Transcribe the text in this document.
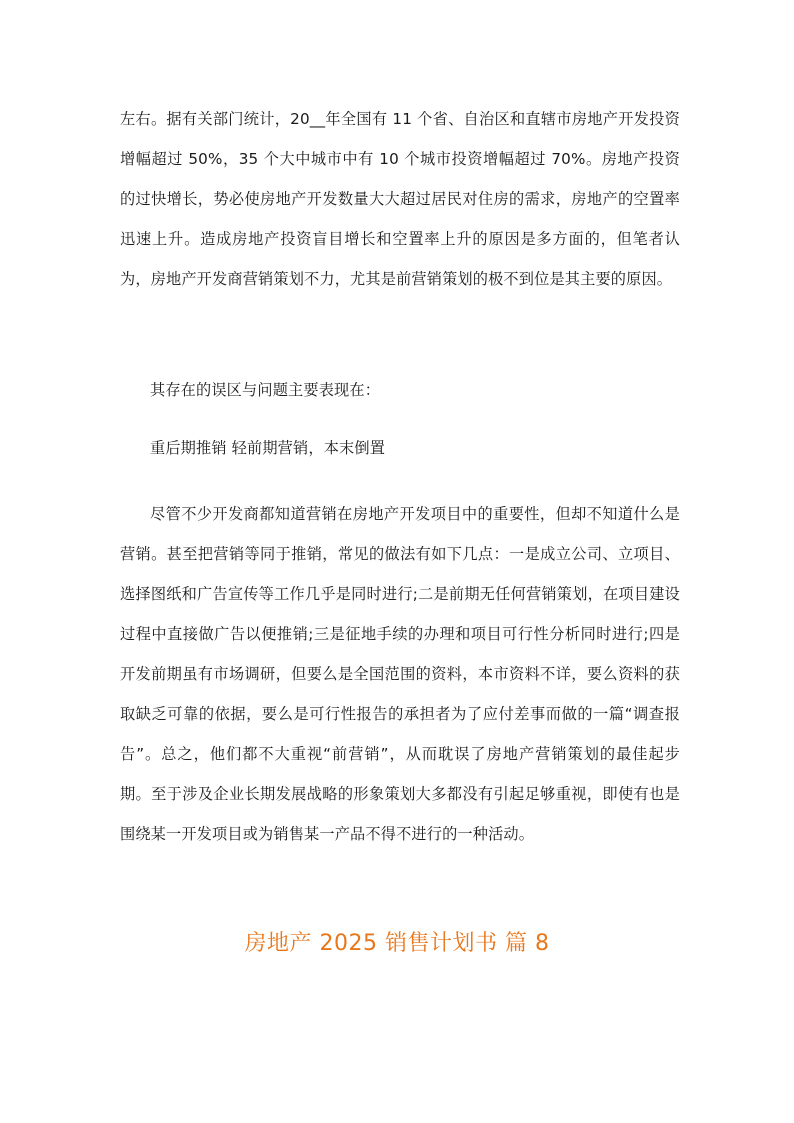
左右。据有关部门统计，20__年全国有 11 个省、自治区和直辖市房地产开发投资增幅超过 50%，35 个大中城市中有 10 个城市投资增幅超过 70%。房地产投资的过快增长，势必使房地产开发数量大大超过居民对住房的需求，房地产的空置率迅速上升。造成房地产投资盲目增长和空置率上升的原因是多方面的，但笔者认为，房地产开发商营销策划不力，尤其是前营销策划的极不到位是其主要的原因。

其存在的误区与问题主要表现在：

重后期推销 轻前期营销，本末倒置

尽管不少开发商都知道营销在房地产开发项目中的重要性，但却不知道什么是营销。甚至把营销等同于推销，常见的做法有如下几点：一是成立公司、立项目、选择图纸和广告宣传等工作几乎是同时进行;二是前期无任何营销策划，在项目建设过程中直接做广告以便推销;三是征地手续的办理和项目可行性分析同时进行;四是开发前期虽有市场调研，但要么是全国范围的资料，本市资料不详，要么资料的获取缺乏可靠的依据，要么是可行性报告的承担者为了应付差事而做的一篇“调查报告”。总之，他们都不大重视“前营销”，从而耽误了房地产营销策划的最佳起步期。至于涉及企业长期发展战略的形象策划大多都没有引起足够重视，即使有也是围绕某一开发项目或为销售某一产品不得不进行的一种活动。

房地产 2025 销售计划书 篇 8
